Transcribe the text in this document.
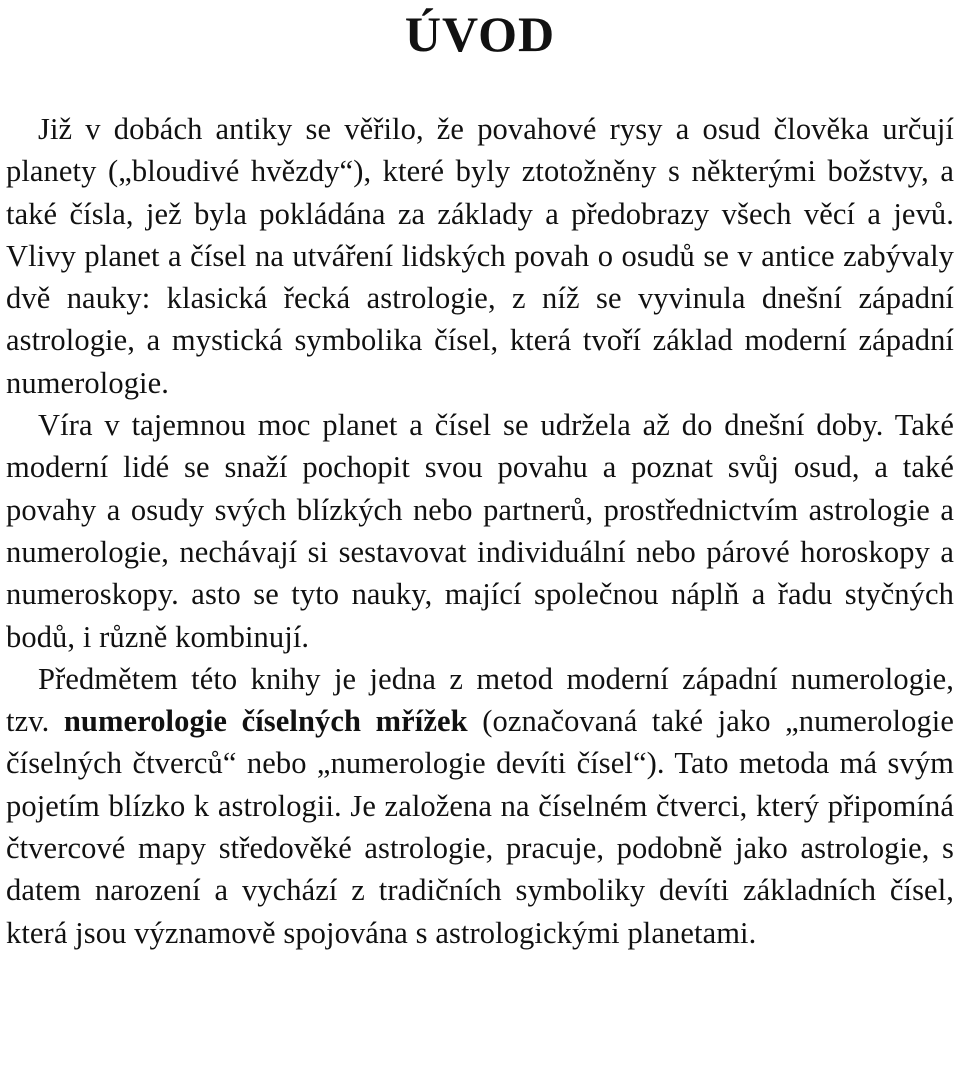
ÚVOD

Již v dobách antiky se věřilo, že povahové rysy a osud člověka určují planety („bloudivé hvězdy“), které byly ztotožněny s některými božstvy, a také čísla, jež byla pokládána za základy a předobrazy všech věcí a jevů. Vlivy planet a čísel na utváření lidských povah o osudů se v antice zabývaly dvě nauky: klasická řecká astrologie, z níž se vyvinula dnešní západní astrologie, a mystická symbolika čísel, která tvoří základ moderní západní numerologie.

Víra v tajemnou moc planet a čísel se udržela až do dnešní doby. Také moderní lidé se snaží pochopit svou povahu a poznat svůj osud, a také povahy a osudy svých blízkých nebo partnerů, prostřednictvím astrologie a numerologie, nechávají si sestavovat individuální nebo párové horoskopy a numeroskopy. asto se tyto nauky, mající společnou náplň a řadu styčných bodů, i různě kombinují.

Předmětem této knihy je jedna z metod moderní západní numerologie, tzv. numerologie číselných mřížek (označovaná také jako „numerologie číselných čtverců“ nebo „numerologie devíti čísel“). Tato metoda má svým pojetím blízko k astrologii. Je založena na číselném čtverci, který připomíná čtvercové mapy středověké astrologie, pracuje, podobně jako astrologie, s datem narození a vychází z tradičních symboliky devíti základních čísel, která jsou významově spojována s astrologickými planetami.
